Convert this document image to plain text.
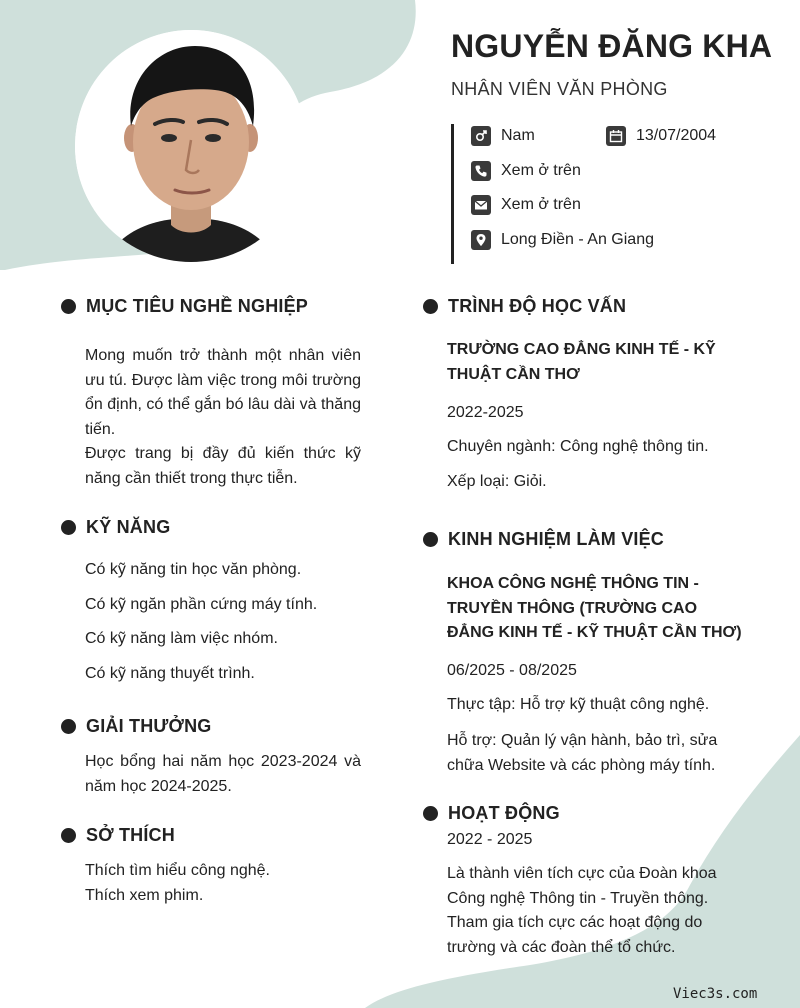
NGUYỄN ĐĂNG KHA
NHÂN VIÊN VĂN PHÒNG
Nam	13/07/2004
Xem ở trên
Xem ở trên
Long Điền - An Giang
MỤC TIÊU NGHỀ NGHIỆP
Mong muốn trở thành một nhân viên ưu tú. Được làm việc trong môi trường ổn định, có thể gắn bó lâu dài và thăng tiến.
Được trang bị đầy đủ kiến thức kỹ năng cần thiết trong thực tiễn.
KỸ NĂNG
Có kỹ năng tin học văn phòng.
Có kỹ ngăn phần cứng máy tính.
Có kỹ năng làm việc nhóm.
Có kỹ năng thuyết trình.
GIẢI THƯỞNG
Học bổng hai năm học 2023-2024 và năm học 2024-2025.
SỞ THÍCH
Thích tìm hiểu công nghệ.
Thích xem phim.
TRÌNH ĐỘ HỌC VẤN
TRƯỜNG CAO ĐẲNG KINH TẾ - KỸ THUẬT CẦN THƠ
2022-2025
Chuyên ngành: Công nghệ thông tin.
Xếp loại: Giỏi.
KINH NGHIỆM LÀM VIỆC
KHOA CÔNG NGHỆ THÔNG TIN - TRUYỀN THÔNG (TRƯỜNG CAO ĐẲNG KINH TẾ - KỸ THUẬT CẦN THƠ)
06/2025 - 08/2025
Thực tập: Hỗ trợ kỹ thuật công nghệ.
Hỗ trợ: Quản lý vận hành, bảo trì, sửa chữa Website và các phòng máy tính.
HOẠT ĐỘNG
2022 - 2025
Là thành viên tích cực của Đoàn khoa Công nghệ Thông tin - Truyền thông. Tham gia tích cực các hoạt động do trường và các đoàn thể tổ chức.
Viec3s.com
